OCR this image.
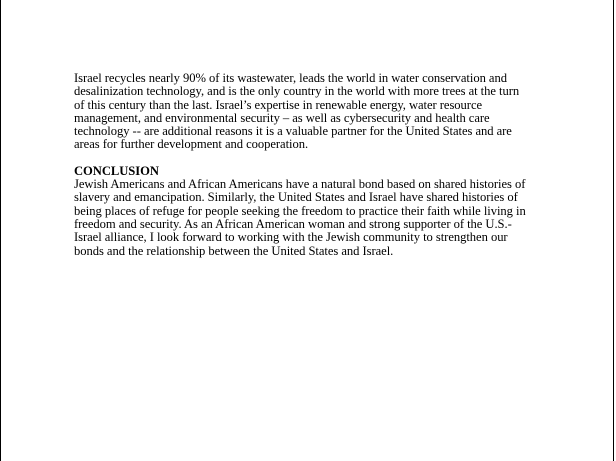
Israel recycles nearly 90% of its wastewater, leads the world in water conservation and
desalinization technology, and is the only country in the world with more trees at the turn
of this century than the last. Israel’s expertise in renewable energy, water resource
management, and environmental security – as well as cybersecurity and health care
technology -- are additional reasons it is a valuable partner for the United States and are
areas for further development and cooperation.
CONCLUSION
Jewish Americans and African Americans have a natural bond based on shared histories of
slavery and emancipation. Similarly, the United States and Israel have shared histories of
being places of refuge for people seeking the freedom to practice their faith while living in
freedom and security. As an African American woman and strong supporter of the U.S.-
Israel alliance, I look forward to working with the Jewish community to strengthen our
bonds and the relationship between the United States and Israel.
